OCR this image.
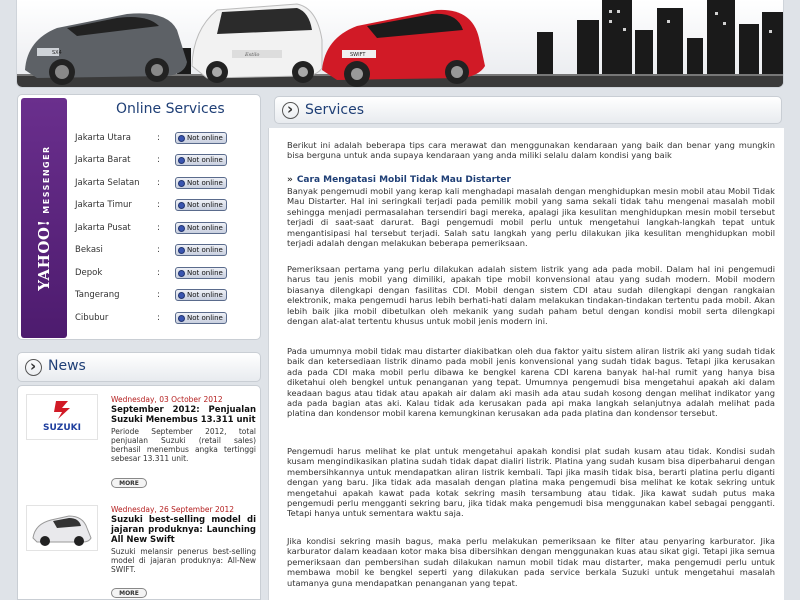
SX4	Estilo	SWIFT
YAHOO! MESSENGER
Online Services
Jakarta Utara	:	Not online
Jakarta Barat	:	Not online
Jakarta Selatan	:	Not online
Jakarta Timur	:	Not online
Jakarta Pusat	:	Not online
Bekasi	:	Not online
Depok	:	Not online
Tangerang	:	Not online
Cibubur	:	Not online
›
News
SUZUKI
Wednesday, 03 October 2012
September 2012: Penjualan Suzuki Menembus 13.311 unit
Periode September 2012, total penjualan Suzuki (retail sales) berhasil menembus angka tertinggi sebesar 13.311 unit.
MORE
Wednesday, 26 September 2012
Suzuki best-selling model di jajaran produknya: Launching All New Swift
Suzuki melansir penerus best-selling model di jajaran produknya: All-New SWIFT.
MORE
›
Services
Berikut ini adalah beberapa tips cara merawat dan menggunakan kendaraan yang baik dan benar yang mungkin bisa berguna untuk anda supaya kendaraan yang anda miliki selalu dalam kondisi yang baik
» Cara Mengatasi Mobil Tidak Mau Distarter
Banyak pengemudi mobil yang kerap kali menghadapi masalah dengan menghidupkan mesin mobil atau Mobil Tidak Mau Distarter. Hal ini seringkali terjadi pada pemilik mobil yang sama sekali tidak tahu mengenai masalah mobil sehingga menjadi permasalahan tersendiri bagi mereka, apalagi jika kesulitan menghidupkan mesin mobil tersebut terjadi di saat-saat darurat. Bagi pengemudi mobil perlu untuk mengetahui langkah-langkah tepat untuk mengantisipasi hal tersebut terjadi. Salah satu langkah yang perlu dilakukan jika kesulitan menghidupkan mobil terjadi adalah dengan melakukan beberapa pemeriksaan.
Pemeriksaan pertama yang perlu dilakukan adalah sistem listrik yang ada pada mobil. Dalam hal ini pengemudi harus tau jenis mobil yang dimiliki, apakah tipe mobil konvensional atau yang sudah modern. Mobil modern biasanya dilengkapi dengan fasilitas CDI. Mobil dengan sistem CDI atau sudah dilengkapi dengan rangkaian elektronik, maka pengemudi harus lebih berhati-hati dalam melakukan tindakan-tindakan tertentu pada mobil. Akan lebih baik jika mobil dibetulkan oleh mekanik yang sudah paham betul dengan kondisi mobil serta dilengkapi dengan alat-alat tertentu khusus untuk mobil jenis modern ini.
Pada umumnya mobil tidak mau distarter diakibatkan oleh dua faktor yaitu sistem aliran listrik aki yang sudah tidak baik dan ketersediaan listrik dinamo pada mobil jenis konvensional yang sudah tidak bagus. Tetapi jika kerusakan ada pada CDI maka mobil perlu dibawa ke bengkel karena CDI karena banyak hal-hal rumit yang hanya bisa diketahui oleh bengkel untuk penanganan yang tepat. Umumnya pengemudi bisa mengetahui apakah aki dalam keadaan bagus atau tidak atau apakah air dalam aki masih ada atau sudah kosong dengan melihat indikator yang ada pada bagian atas aki. Kalau tidak ada kerusakan pada api maka langkah selanjutnya adalah melihat pada platina dan kondensor mobil karena kemungkinan kerusakan ada pada platina dan kondensor tersebut.
Pengemudi harus melihat ke plat untuk mengetahui apakah kondisi plat sudah kusam atau tidak. Kondisi sudah kusam mengindikasikan platina sudah tidak dapat dialiri listrik. Platina yang sudah kusam bisa diperbaharui dengan membersihkannya untuk mendapatkan aliran listrik kembali. Tapi jika masih tidak bisa, berarti platina perlu diganti dengan yang baru. Jika tidak ada masalah dengan platina maka pengemudi bisa melihat ke kotak sekring untuk mengetahui apakah kawat pada kotak sekring masih tersambung atau tidak. Jika kawat sudah putus maka pengemudi perlu mengganti sekring baru, jika tidak maka pengemudi bisa menggunakan kabel sebagai pengganti. Tetapi hanya untuk sementara waktu saja.
Jika kondisi sekring masih bagus, maka perlu melakukan pemeriksaan ke filter atau penyaring karburator. Jika karburator dalam keadaan kotor maka bisa dibersihkan dengan menggunakan kuas atau sikat gigi. Tetapi jika semua pemeriksaan dan pembersihan sudah dilakukan namun mobil tidak mau distarter, maka pengemudi perlu untuk membawa mobil ke bengkel seperti yang dilakukan pada service berkala Suzuki untuk mengetahui masalah utamanya guna mendapatkan penanganan yang tepat.
